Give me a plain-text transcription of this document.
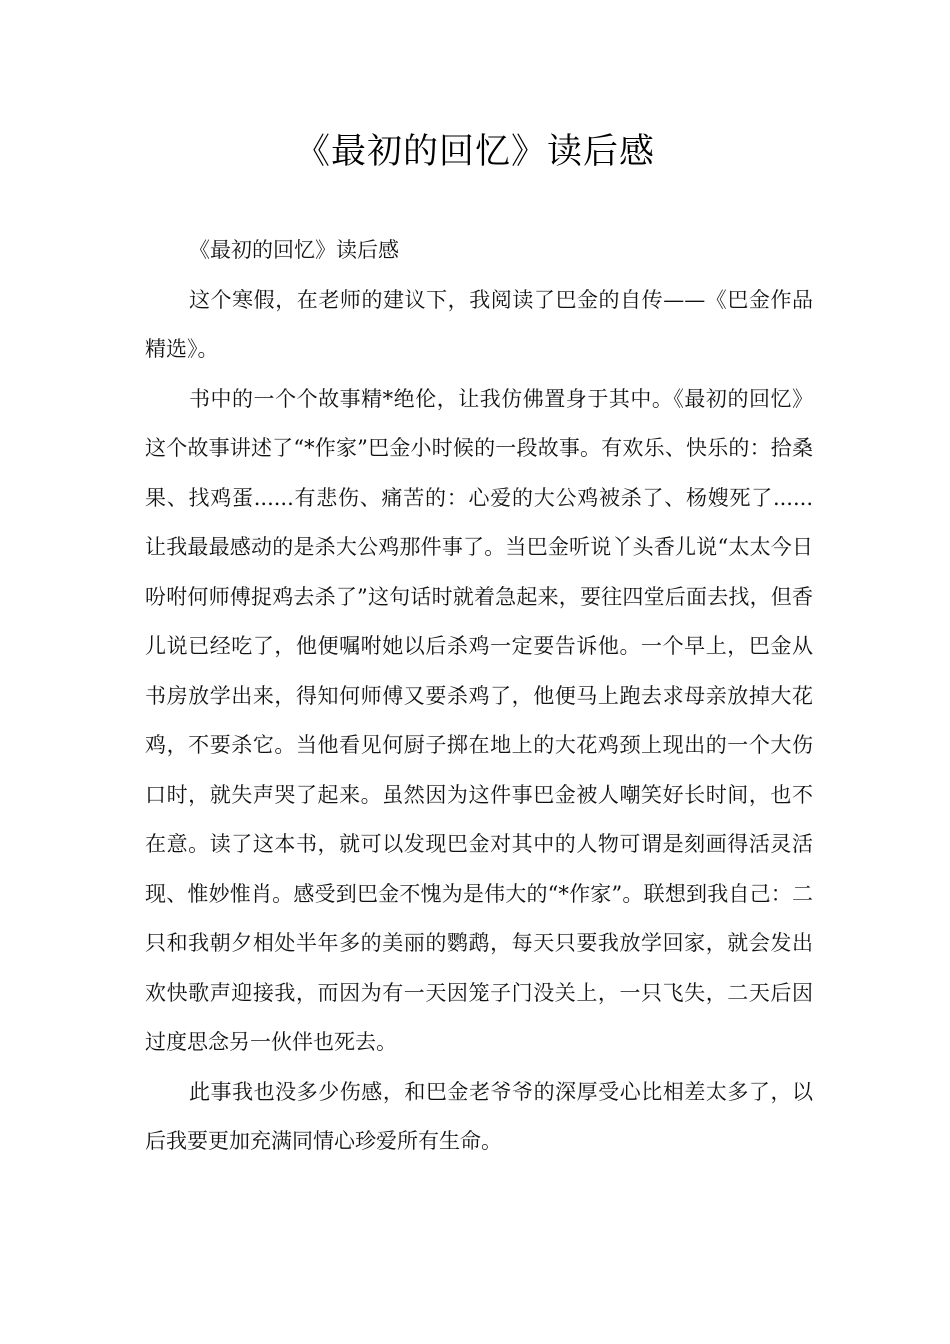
《最初的回忆》读后感

《最初的回忆》读后感

这个寒假，在老师的建议下，我阅读了巴金的自传——《巴金作品精选》。

书中的一个个故事精*绝伦，让我仿佛置身于其中。《最初的回忆》这个故事讲述了“*作家”巴金小时候的一段故事。有欢乐、快乐的：拾桑果、找鸡蛋......有悲伤、痛苦的：心爱的大公鸡被杀了、杨嫂死了......让我最最感动的是杀大公鸡那件事了。当巴金听说丫头香儿说“太太今日吩咐何师傅捉鸡去杀了”这句话时就着急起来，要往四堂后面去找，但香儿说已经吃了，他便嘱咐她以后杀鸡一定要告诉他。一个早上，巴金从书房放学出来，得知何师傅又要杀鸡了，他便马上跑去求母亲放掉大花鸡，不要杀它。当他看见何厨子掷在地上的大花鸡颈上现出的一个大伤口时，就失声哭了起来。虽然因为这件事巴金被人嘲笑好长时间，也不在意。读了这本书，就可以发现巴金对其中的人物可谓是刻画得活灵活现、惟妙惟肖。感受到巴金不愧为是伟大的“*作家”。联想到我自己：二只和我朝夕相处半年多的美丽的鹦鹉，每天只要我放学回家，就会发出欢快歌声迎接我，而因为有一天因笼子门没关上，一只飞失，二天后因过度思念另一伙伴也死去。

此事我也没多少伤感，和巴金老爷爷的深厚受心比相差太多了，以后我要更加充满同情心珍爱所有生命。
